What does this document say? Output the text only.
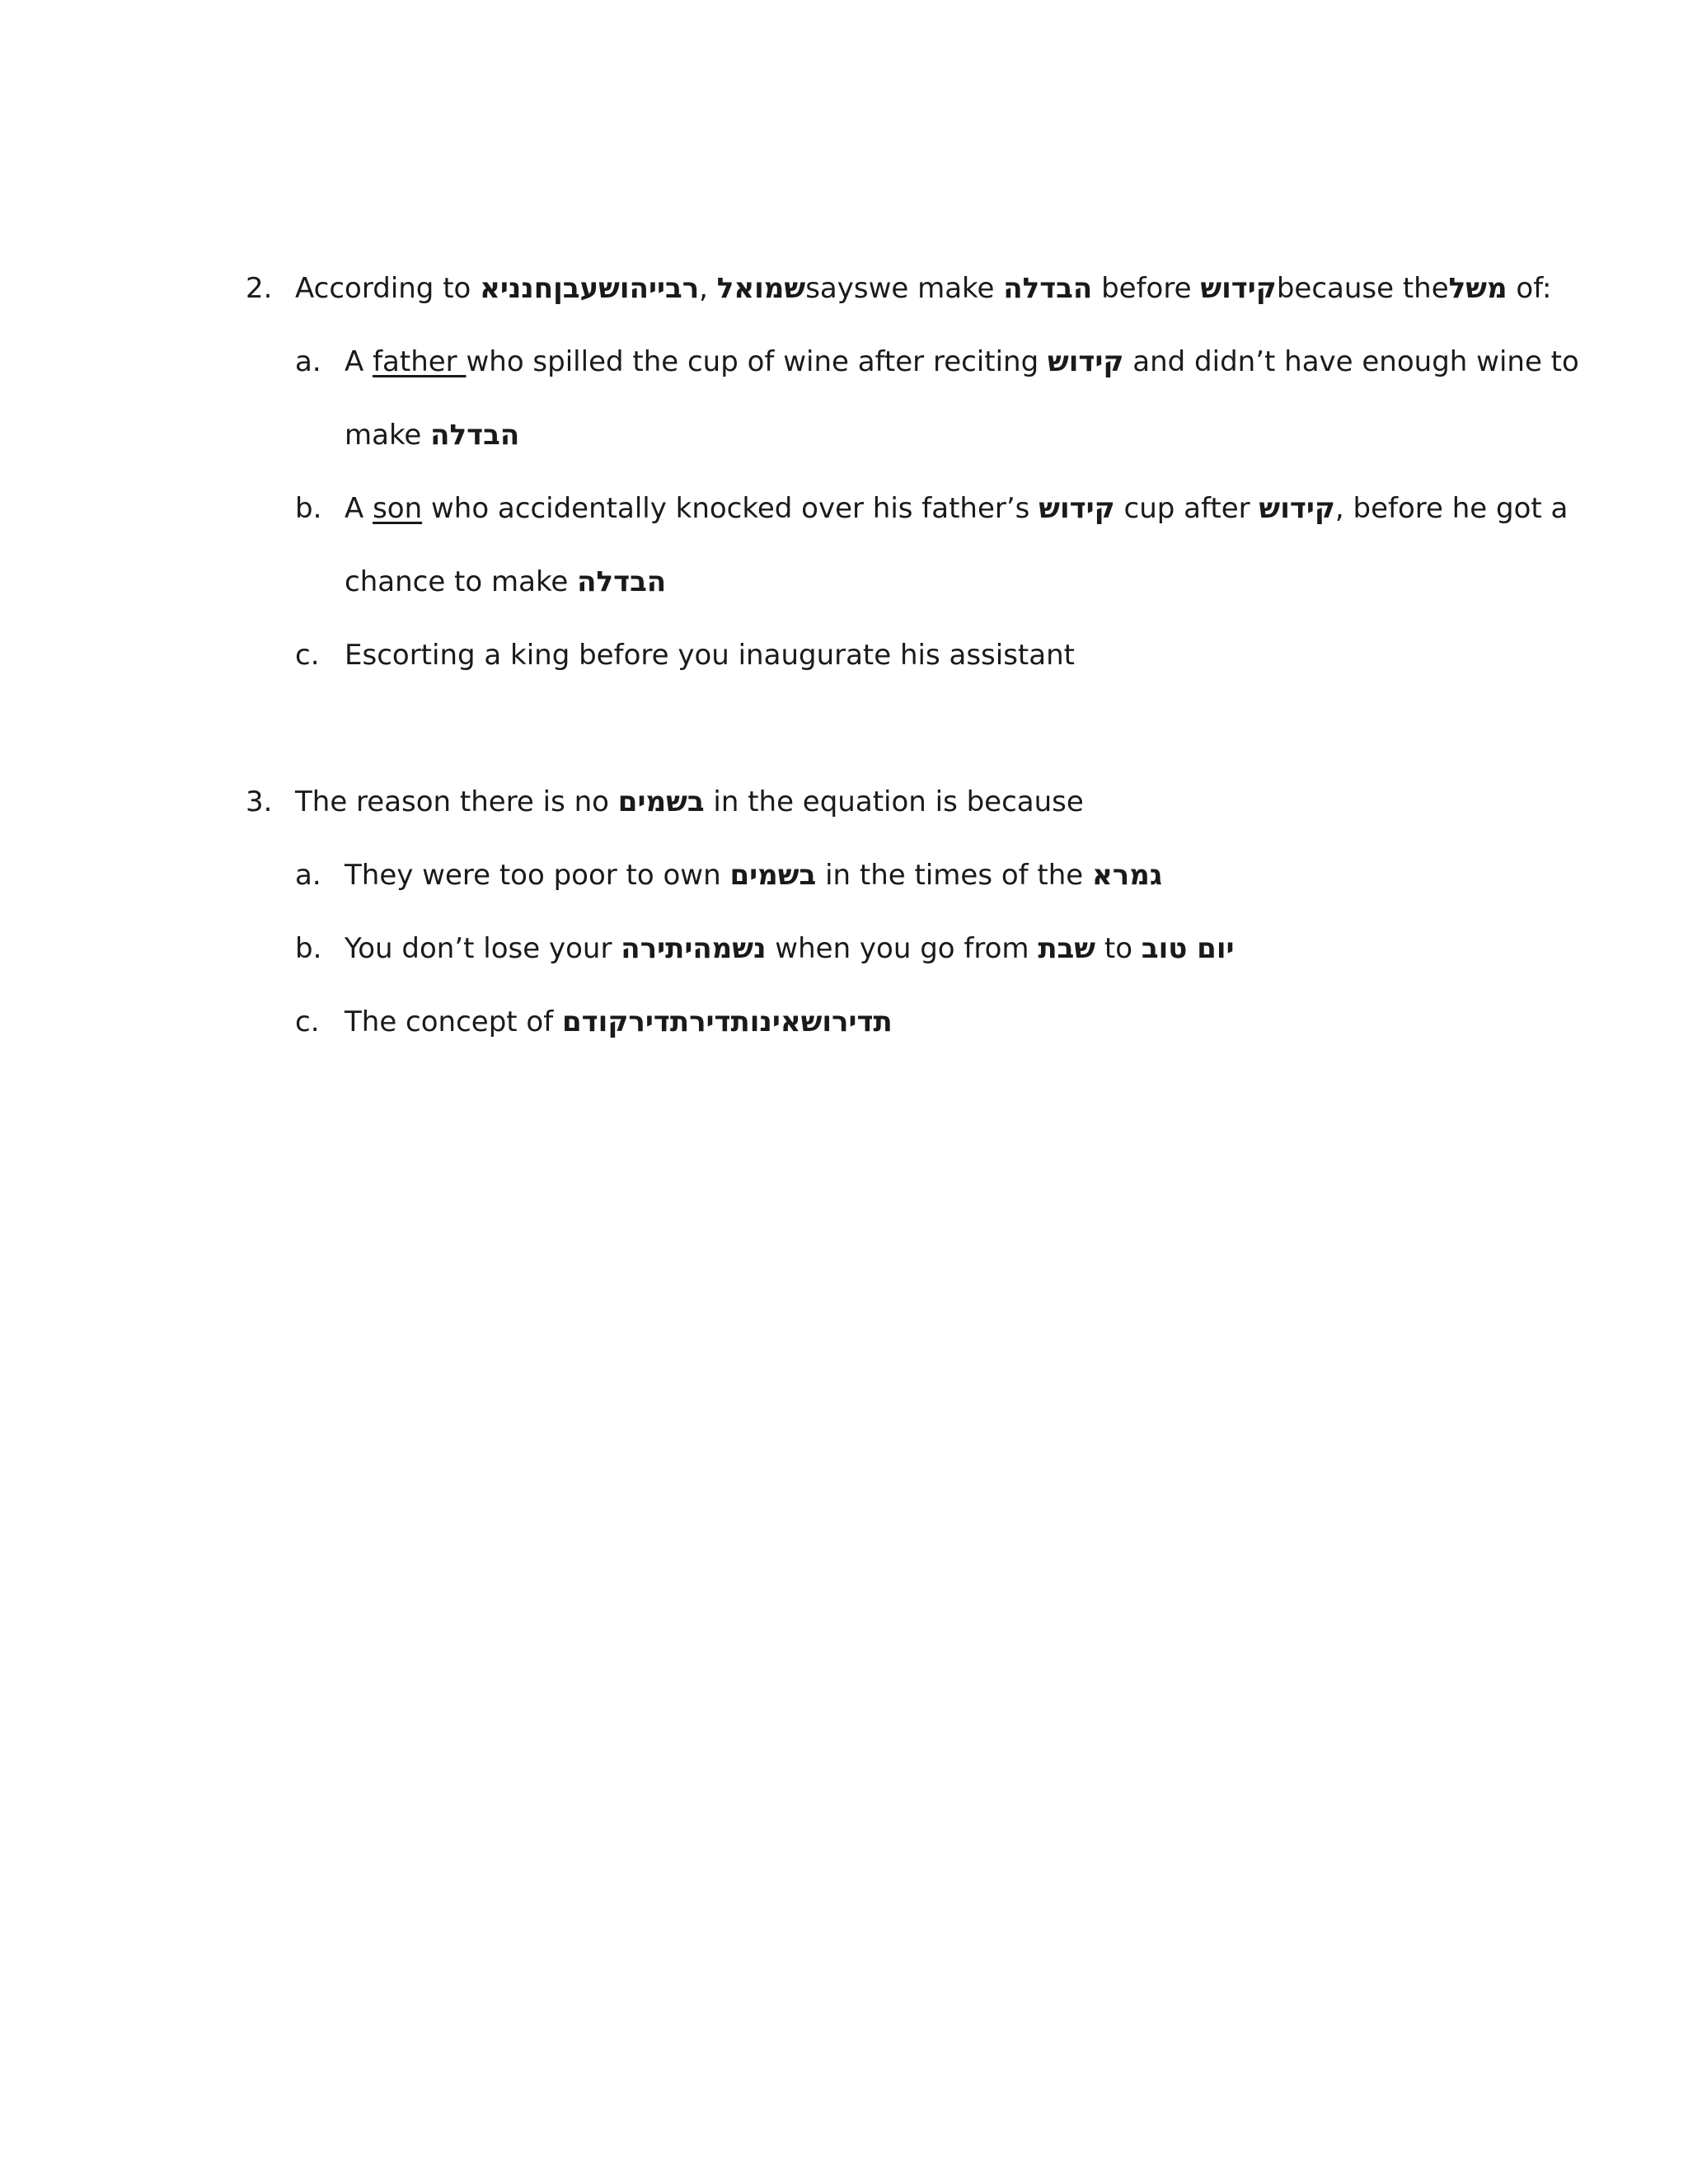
2. According to רבייהושעבןחנניא, שמואלsayswe make הבדלה before קידושbecause theמשל of:
a. A father who spilled the cup of wine after reciting קידוש and didn’t have enough wine to
make הבדלה
b. A son who accidentally knocked over his father’s קידוש cup after קידוש, before he got a
chance to make הבדלה
c. Escorting a king before you inaugurate his assistant
3. The reason there is no בשמים in the equation is because
a. They were too poor to own בשמים in the times of the גמרא
b. You don’t lose your נשמהיתירה when you go from שבת to יום טוב
c. The concept of תדירושאינותדירתדירקודם
